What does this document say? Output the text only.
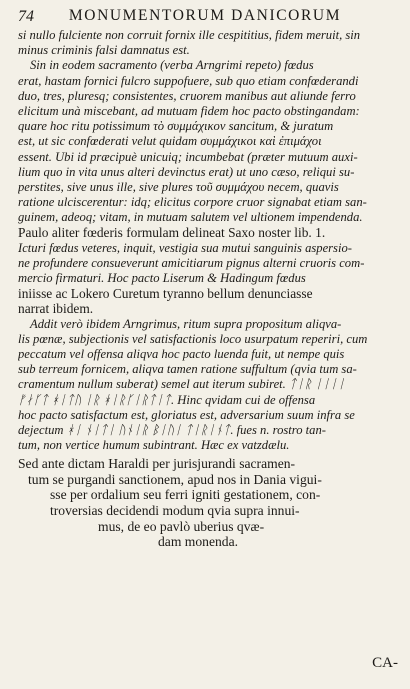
74	MONUMENTORUM DANICORUM
si nullo fulciente non corruit fornix ille cespititius, fidem meruit, sin
minus criminis falsi damnatus est.
Sin in eodem sacramento (verba Arngrimi repeto) fœdus
erat, hastam fornici fulcro suppofuere, sub quo etiam confœderandi
duo, tres, pluresq; consistentes, cruorem manibus aut aliunde ferro
elicitum unà miscebant, ad mutuam fidem hoc pacto obstingandam:
quare hoc ritu potissimum τὸ συμμάχικον sancitum, & juratum
est, ut sic confœderati velut quidam συμμάχικοι καὶ ἐπιμάχοι
essent. Ubi id præcipuè unicuiq; incumbebat (præter mutuum auxi-
lium quo in vita unus alteri devinctus erat) ut uno cæso, reliqui su-
perstites, sive unus ille, sive plures τοῦ συμμάχου necem, quavis
ratione ulciscerentur: idq; elicitus corpore cruor signabat etiam san-
guinem, adeoq; vitam, in mutuam salutem vel ultionem impendenda.
Paulo aliter fœderis formulam delineat Saxo noster lib. 1.
Icturi fœdus veteres, inquit, vestigia sua mutui sanguinis aspersio-
ne profundere consueverunt amicitiarum pignus alterni cruoris com-
mercio firmaturi. Hoc pacto Liserum & Hadingum fœdus
iniisse ac Lokero Curetum tyranno bellum denunciasse
narrat ibidem.
Addit verò ibidem Arngrimus, ritum supra propositum aliqva-
lis pœnæ, subjectionis vel satisfactionis loco usurpatum reperiri, cum
peccatum vel offensa aliqva hoc pacto luenda fuit, ut nempe quis
sub terreum fornicem, aliqva tamen ratione suffultum (qvia tum sa-
cramentum nullum suberat) semel aut iterum subiret. ᛏᛁᚱ ᛁᛁᛁᛁ
ᚠᛅᚴᛏ ᚼᛁᛏᚢ ᛁᚱ ᚼᛁᚱᚴᛁᚱᛏᛁᛏ. Hinc qvidam cui de offensa
hoc pacto satisfactum est, gloriatus est, adversarium suum infra se
dejectum ᚼᛁ ᚾᛁᛏᛁ ᚢᚾᛁᚱ ᛒᛁᚢᛁ ᛏᛁᚱᛁᚾᛏ. fues n. rostro tan-
tum, non vertice humum subintrant. Hæc ex vatzdælu.
Sed ante dictam Haraldi per jurisjurandi sacramen-
tum se purgandi sanctionem, apud nos in Dania vigui-
sse per ordalium seu ferri igniti gestationem, con-
troversias decidendi modum qvia supra innui-
mus, de eo pavlò uberius qvæ-
dam monenda.
CA-
